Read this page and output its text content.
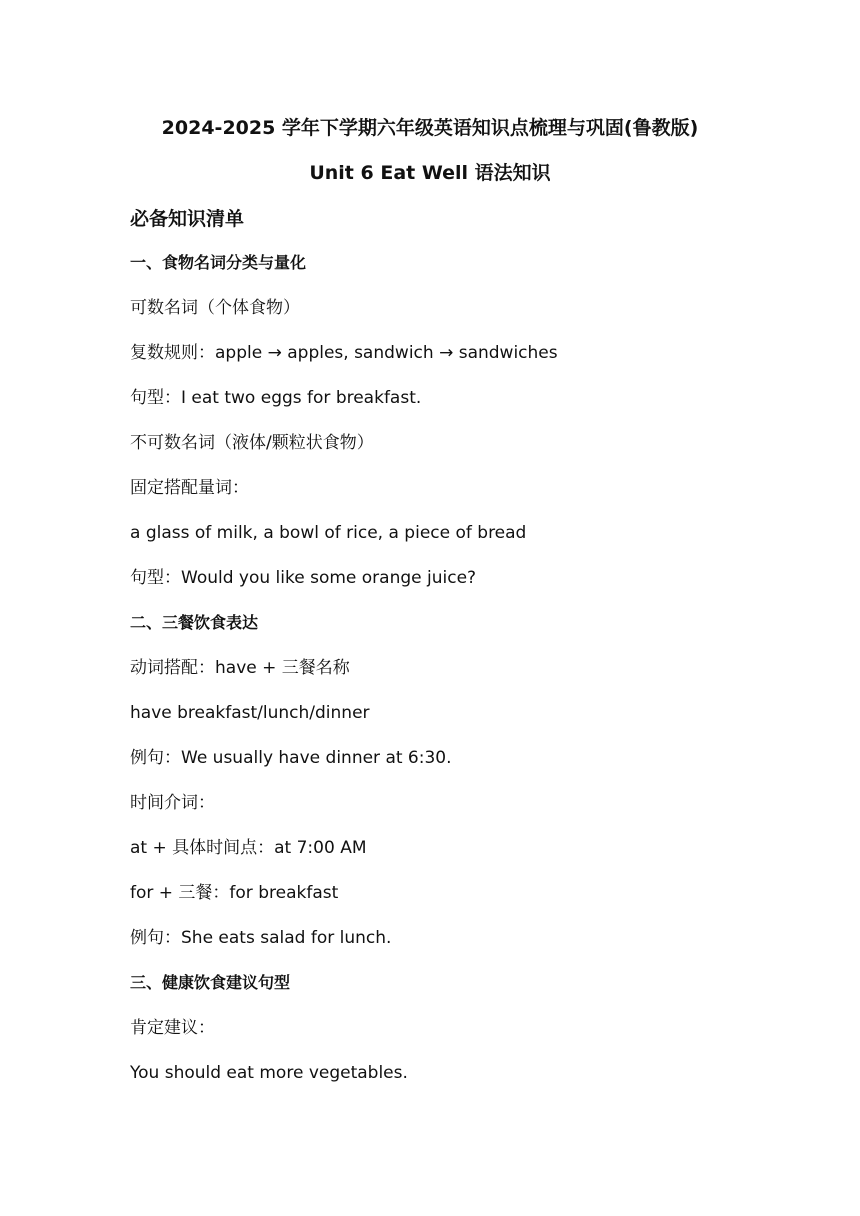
2024-2025 学年下学期六年级英语知识点梳理与巩固(鲁教版)
Unit 6 Eat Well 语法知识
必备知识清单
一、食物名词分类与量化
可数名词（个体食物）
复数规则：apple → apples, sandwich → sandwiches
句型：I eat two eggs for breakfast.
不可数名词（液体/颗粒状食物）
固定搭配量词：
a glass of milk, a bowl of rice, a piece of bread
句型：Would you like some orange juice?
二、三餐饮食表达
动词搭配：have + 三餐名称
have breakfast/lunch/dinner
例句：We usually have dinner at 6:30.
时间介词：
at + 具体时间点：at 7:00 AM
for + 三餐：for breakfast
例句：She eats salad for lunch.
三、健康饮食建议句型
肯定建议：
You should eat more vegetables.
